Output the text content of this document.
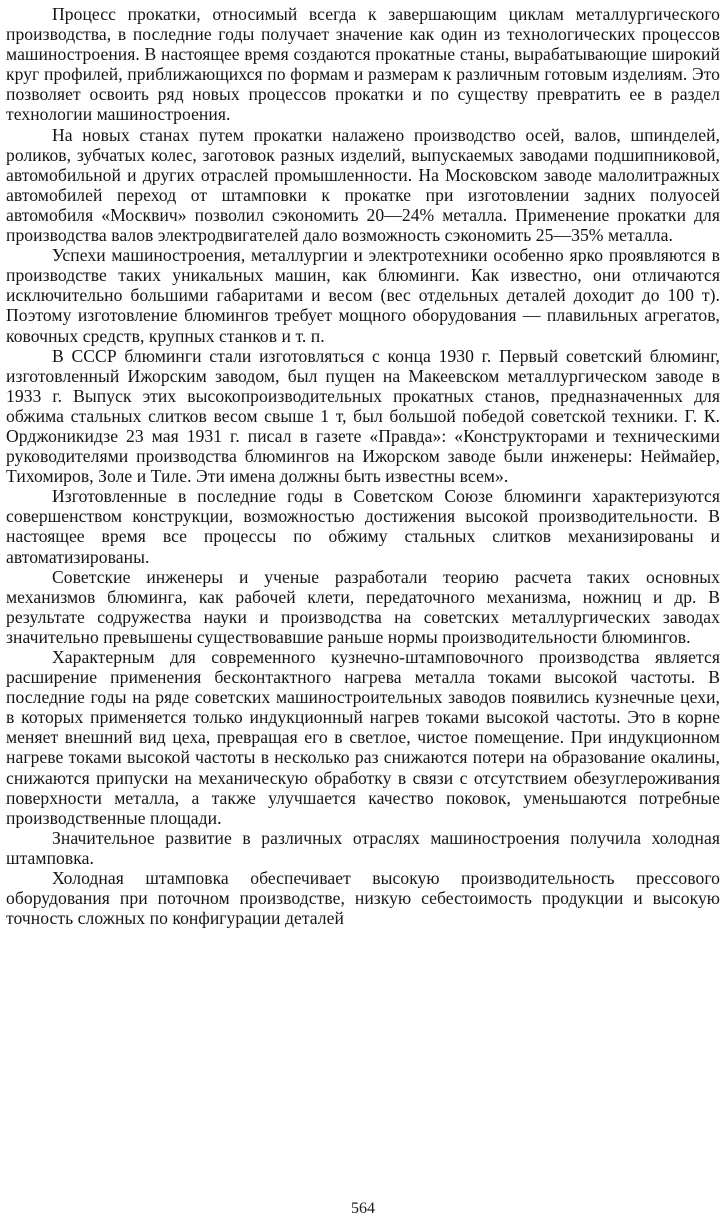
Процесс прокатки, относимый всегда к завершающим циклам металлургического производства, в последние годы получает значение как один из технологических процессов машиностроения. В настоящее время создаются прокатные станы, вырабатывающие широкий круг профилей, приближающихся по формам и размерам к различным готовым изделиям. Это позволяет освоить ряд новых процессов прокатки и по существу превратить ее в раздел технологии машиностроения.

На новых станах путем прокатки налажено производство осей, валов, шпинделей, роликов, зубчатых колес, заготовок разных изделий, выпускаемых заводами подшипниковой, автомобильной и других отраслей промышленности. На Московском заводе малолитражных автомобилей переход от штамповки к прокатке при изготовлении задних полуосей автомобиля «Москвич» позволил сэкономить 20—24% металла. Применение прокатки для производства валов электродвигателей дало возможность сэкономить 25—35% металла.

Успехи машиностроения, металлургии и электротехники особенно ярко проявляются в производстве таких уникальных машин, как блюминги. Как известно, они отличаются исключительно большими габаритами и весом (вес отдельных деталей доходит до 100 т). Поэтому изготовление блюмингов требует мощного оборудования — плавильных агрегатов, ковочных средств, крупных станков и т. п.

В СССР блюминги стали изготовляться с конца 1930 г. Первый советский блюминг, изготовленный Ижорским заводом, был пущен на Макеевском металлургическом заводе в 1933 г. Выпуск этих высокопроизводительных прокатных станов, предназначенных для обжима стальных слитков весом свыше 1 т, был большой победой советской техники. Г. К. Орджоникидзе 23 мая 1931 г. писал в газете «Правда»: «Конструкторами и техническими руководителями производства блюмингов на Ижорском заводе были инженеры: Неймайер, Тихомиров, Золе и Тиле. Эти имена должны быть известны всем».

Изготовленные в последние годы в Советском Союзе блюминги характеризуются совершенством конструкции, возможностью достижения высокой производительности. В настоящее время все процессы по обжиму стальных слитков механизированы и автоматизированы.

Советские инженеры и ученые разработали теорию расчета таких основных механизмов блюминга, как рабочей клети, передаточного механизма, ножниц и др. В результате содружества науки и производства на советских металлургических заводах значительно превышены существовавшие раньше нормы производительности блюмингов.

Характерным для современного кузнечно-штамповочного производства является расширение применения бесконтактного нагрева металла токами высокой частоты. В последние годы на ряде советских машиностроительных заводов появились кузнечные цехи, в которых применяется только индукционный нагрев токами высокой частоты. Это в корне меняет внешний вид цеха, превращая его в светлое, чистое помещение. При индукционном нагреве токами высокой частоты в несколько раз снижаются потери на образование окалины, снижаются припуски на механическую обработку в связи с отсутствием обезуглероживания поверхности металла, а также улучшается качество поковок, уменьшаются потребные производственные площади.

Значительное развитие в различных отраслях машиностроения получила холодная штамповка.

Холодная штамповка обеспечивает высокую производительность прессового оборудования при поточном производстве, низкую себестоимость продукции и высокую точность сложных по конфигурации деталей

564
